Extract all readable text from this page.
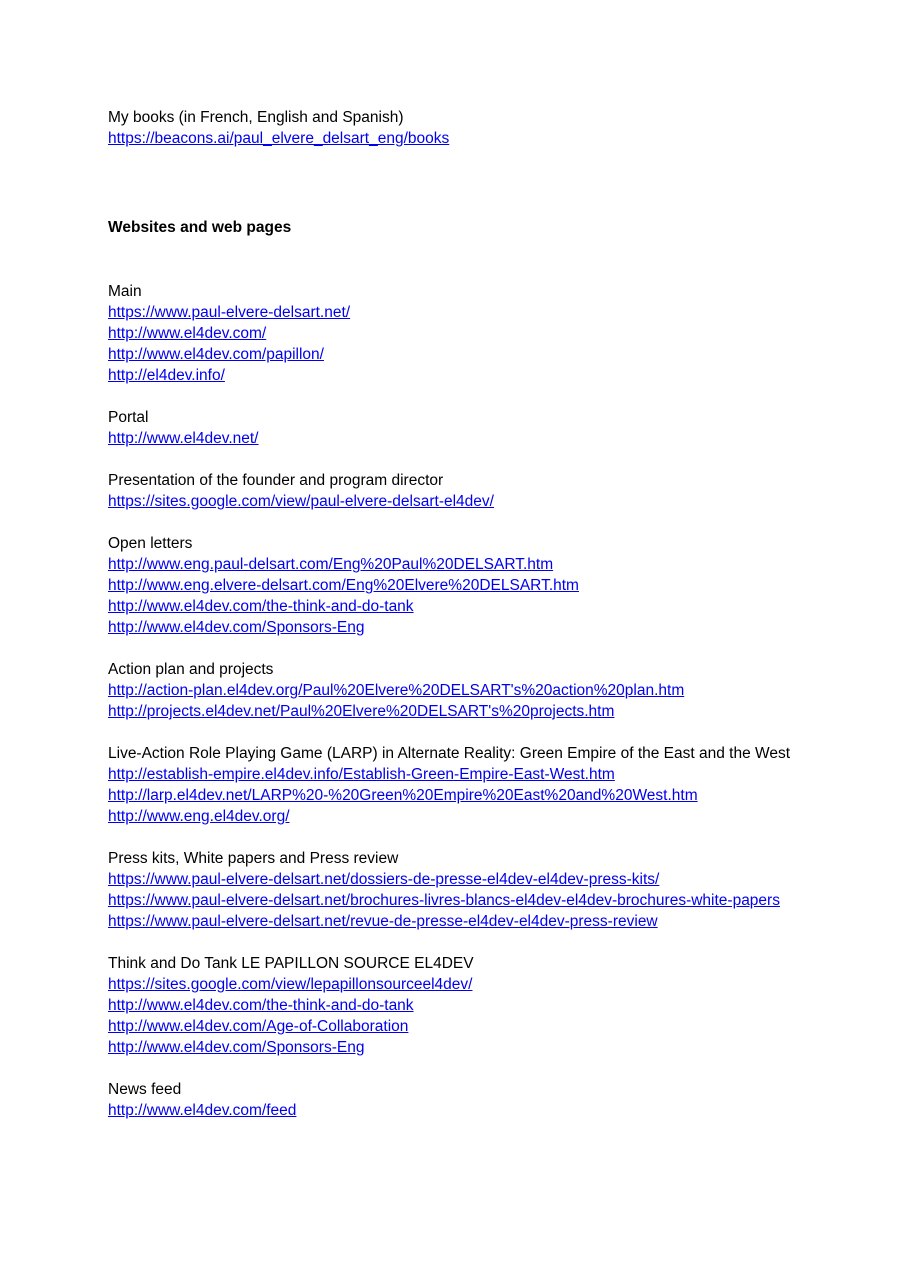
My books (in French, English and Spanish)
https://beacons.ai/paul_elvere_delsart_eng/books
Websites and web pages
Main
https://www.paul-elvere-delsart.net/
http://www.el4dev.com/
http://www.el4dev.com/papillon/
http://el4dev.info/
Portal
http://www.el4dev.net/
Presentation of the founder and program director
https://sites.google.com/view/paul-elvere-delsart-el4dev/
Open letters
http://www.eng.paul-delsart.com/Eng%20Paul%20DELSART.htm
http://www.eng.elvere-delsart.com/Eng%20Elvere%20DELSART.htm
http://www.el4dev.com/the-think-and-do-tank
http://www.el4dev.com/Sponsors-Eng
Action plan and projects
http://action-plan.el4dev.org/Paul%20Elvere%20DELSART's%20action%20plan.htm
http://projects.el4dev.net/Paul%20Elvere%20DELSART's%20projects.htm
Live-Action Role Playing Game (LARP) in Alternate Reality: Green Empire of the East and the West
http://establish-empire.el4dev.info/Establish-Green-Empire-East-West.htm
http://larp.el4dev.net/LARP%20-%20Green%20Empire%20East%20and%20West.htm
http://www.eng.el4dev.org/
Press kits, White papers and Press review
https://www.paul-elvere-delsart.net/dossiers-de-presse-el4dev-el4dev-press-kits/
https://www.paul-elvere-delsart.net/brochures-livres-blancs-el4dev-el4dev-brochures-white-papers
https://www.paul-elvere-delsart.net/revue-de-presse-el4dev-el4dev-press-review
Think and Do Tank LE PAPILLON SOURCE EL4DEV
https://sites.google.com/view/lepapillonsourceel4dev/
http://www.el4dev.com/the-think-and-do-tank
http://www.el4dev.com/Age-of-Collaboration
http://www.el4dev.com/Sponsors-Eng
News feed
http://www.el4dev.com/feed
